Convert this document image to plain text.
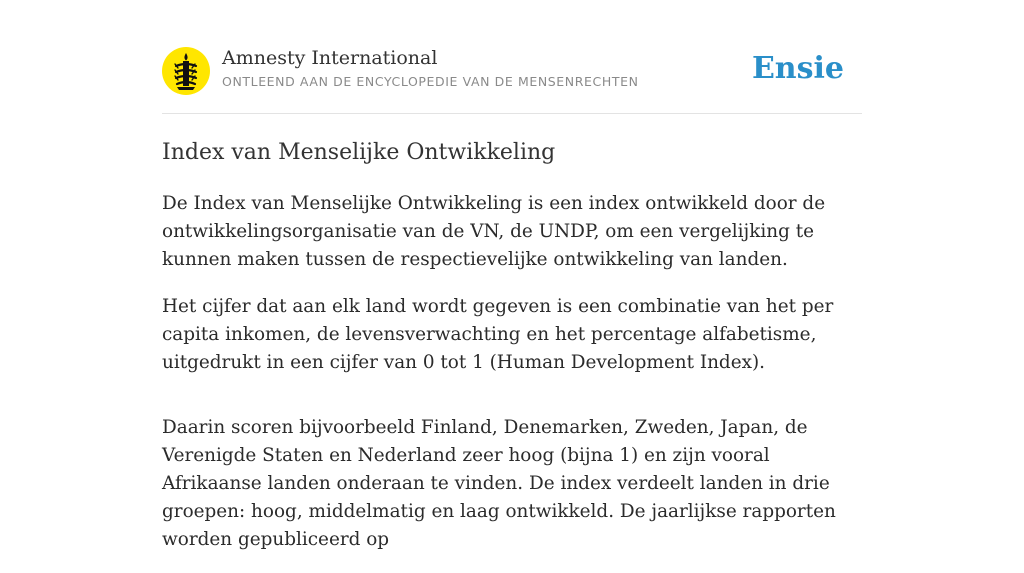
Amnesty International
ONTLEEND AAN DE ENCYCLOPEDIE VAN DE MENSENRECHTEN	Ensie
Index van Menselijke Ontwikkeling

De Index van Menselijke Ontwikkeling is een index ontwikkeld door de ontwikkelingsorganisatie van de VN, de UNDP, om een vergelijking te kunnen maken tussen de respectievelijke ontwikkeling van landen.

Het cijfer dat aan elk land wordt gegeven is een combinatie van het per capita inkomen, de levensverwachting en het percentage alfabetisme, uitgedrukt in een cijfer van 0 tot 1 (Human Development Index).

Daarin scoren bijvoorbeeld Finland, Denemarken, Zweden, Japan, de Verenigde Staten en Nederland zeer hoog (bijna 1) en zijn vooral Afrikaanse landen onderaan te vinden. De index verdeelt landen in drie groepen: hoog, middelmatig en laag ontwikkeld. De jaarlijkse rapporten worden gepubliceerd op
